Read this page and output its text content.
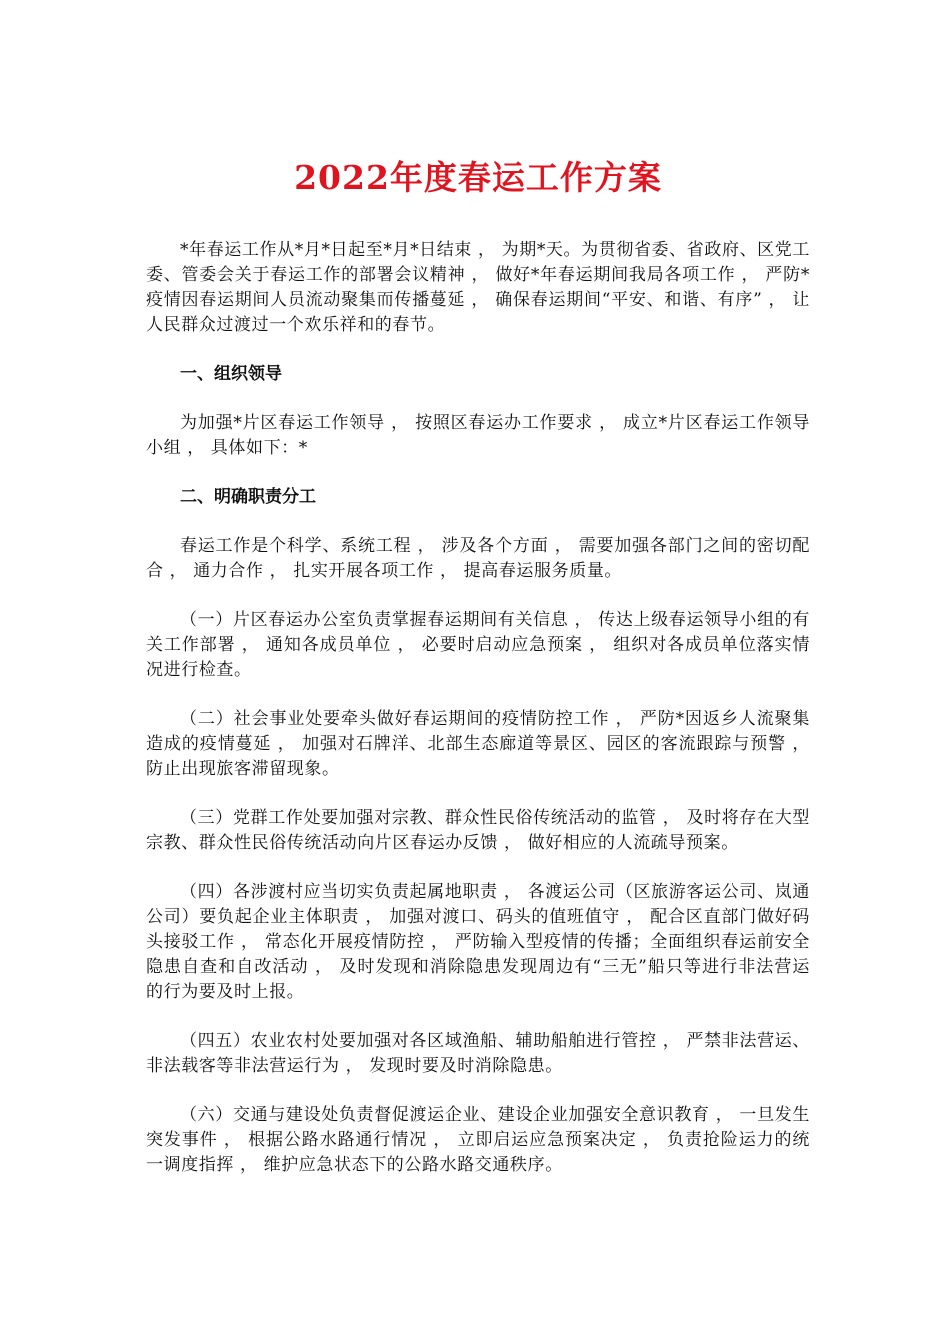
2022年度春运工作方案

*年春运工作从*月*日起至*月*日结束 ， 为期*天。为贯彻省委、省政府、区党工委、管委会关于春运工作的部署会议精神 ， 做好*年春运期间我局各项工作 ， 严防*疫情因春运期间人员流动聚集而传播蔓延 ， 确保春运期间“平安、和谐、有序” ， 让人民群众过渡过一个欢乐祥和的春节。

一、组织领导

为加强*片区春运工作领导 ， 按照区春运办工作要求 ， 成立*片区春运工作领导小组 ， 具体如下：*

二、明确职责分工

春运工作是个科学、系统工程 ， 涉及各个方面 ， 需要加强各部门之间的密切配合 ， 通力合作 ， 扎实开展各项工作 ， 提高春运服务质量。

（一）片区春运办公室负责掌握春运期间有关信息 ， 传达上级春运领导小组的有关工作部署 ， 通知各成员单位 ， 必要时启动应急预案 ， 组织对各成员单位落实情况进行检查。

（二）社会事业处要牵头做好春运期间的疫情防控工作 ， 严防*因返乡人流聚集造成的疫情蔓延 ， 加强对石牌洋、北部生态廊道等景区、园区的客流跟踪与预警 ， 防止出现旅客滞留现象。

（三）党群工作处要加强对宗教、群众性民俗传统活动的监管 ， 及时将存在大型宗教、群众性民俗传统活动向片区春运办反馈 ， 做好相应的人流疏导预案。

（四）各涉渡村应当切实负责起属地职责 ， 各渡运公司（区旅游客运公司、岚通公司）要负起企业主体职责 ， 加强对渡口、码头的值班值守 ， 配合区直部门做好码头接驳工作 ， 常态化开展疫情防控 ， 严防输入型疫情的传播；全面组织春运前安全隐患自查和自改活动 ， 及时发现和消除隐患发现周边有“三无”船只等进行非法营运的行为要及时上报。

（四五）农业农村处要加强对各区域渔船、辅助船舶进行管控 ， 严禁非法营运、非法载客等非法营运行为 ， 发现时要及时消除隐患。

（六）交通与建设处负责督促渡运企业、建设企业加强安全意识教育 ， 一旦发生突发事件 ， 根据公路水路通行情况 ， 立即启运应急预案决定 ， 负责抢险运力的统一调度指挥 ， 维护应急状态下的公路水路交通秩序。
